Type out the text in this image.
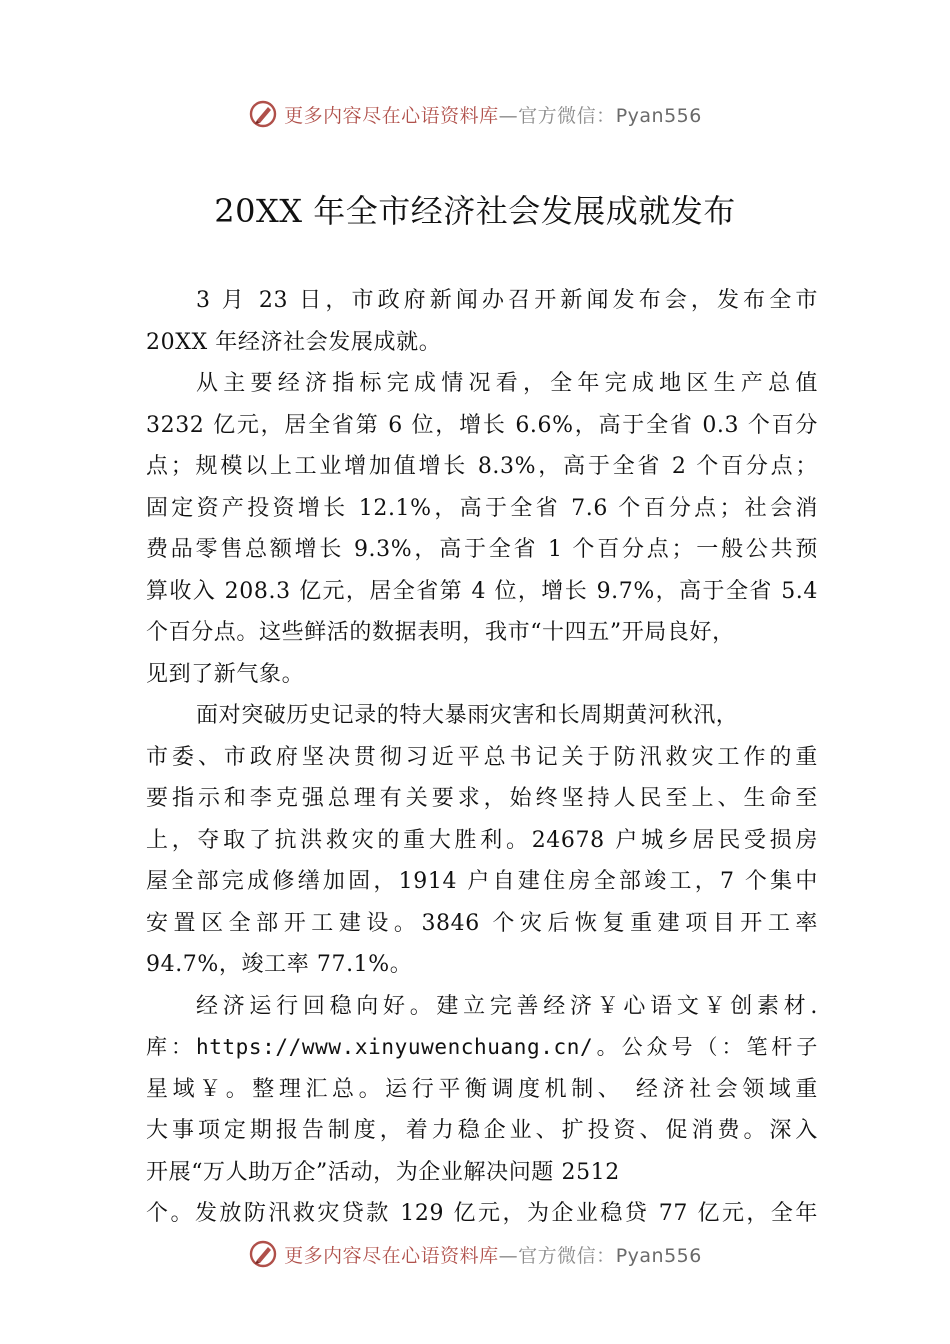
更多内容尽在心语资料库—官方微信：Pyan556
20XX 年全市经济社会发展成就发布

3 月 23 日，市政府新闻办召开新闻发布会，发布全市
20XX 年经济社会发展成就。

从主要经济指标完成情况看，全年完成地区生产总值
3232 亿元，居全省第 6 位，增长 6.6%，高于全省 0.3 个百分
点；规模以上工业增加值增长 8.3%，高于全省 2 个百分点；
固定资产投资增长 12.1%，高于全省 7.6 个百分点；社会消
费品零售总额增长 9.3%，高于全省 1 个百分点；一般公共预
算收入 208.3 亿元，居全省第 4 位，增长 9.7%，高于全省 5.4
个百分点。这些鲜活的数据表明，我市“十四五”开局良好，
见到了新气象。

面对突破历史记录的特大暴雨灾害和长周期黄河秋汛，
市委、市政府坚决贯彻习近平总书记关于防汛救灾工作的重
要指示和李克强总理有关要求，始终坚持人民至上、生命至
上，夺取了抗洪救灾的重大胜利。24678 户城乡居民受损房
屋全部完成修缮加固，1914 户自建住房全部竣工，7 个集中
安置区全部开工建设。3846 个灾后恢复重建项目开工率
94.7%，竣工率 77.1%。

经济运行回稳向好。建立完善经济￥心语文￥创素材.
库：https://www.xinyuwenchuang.cn/。公众号（：笔杆子
星域￥。整理汇总。运行平衡调度机制、 经济社会领域重
大事项定期报告制度，着力稳企业、扩投资、促消费。深入
开展“万人助万企”活动，为企业解决问题 2512
个。发放防汛救灾贷款 129 亿元，为企业稳贷 77 亿元，全年

更多内容尽在心语资料库—官方微信：Pyan556
